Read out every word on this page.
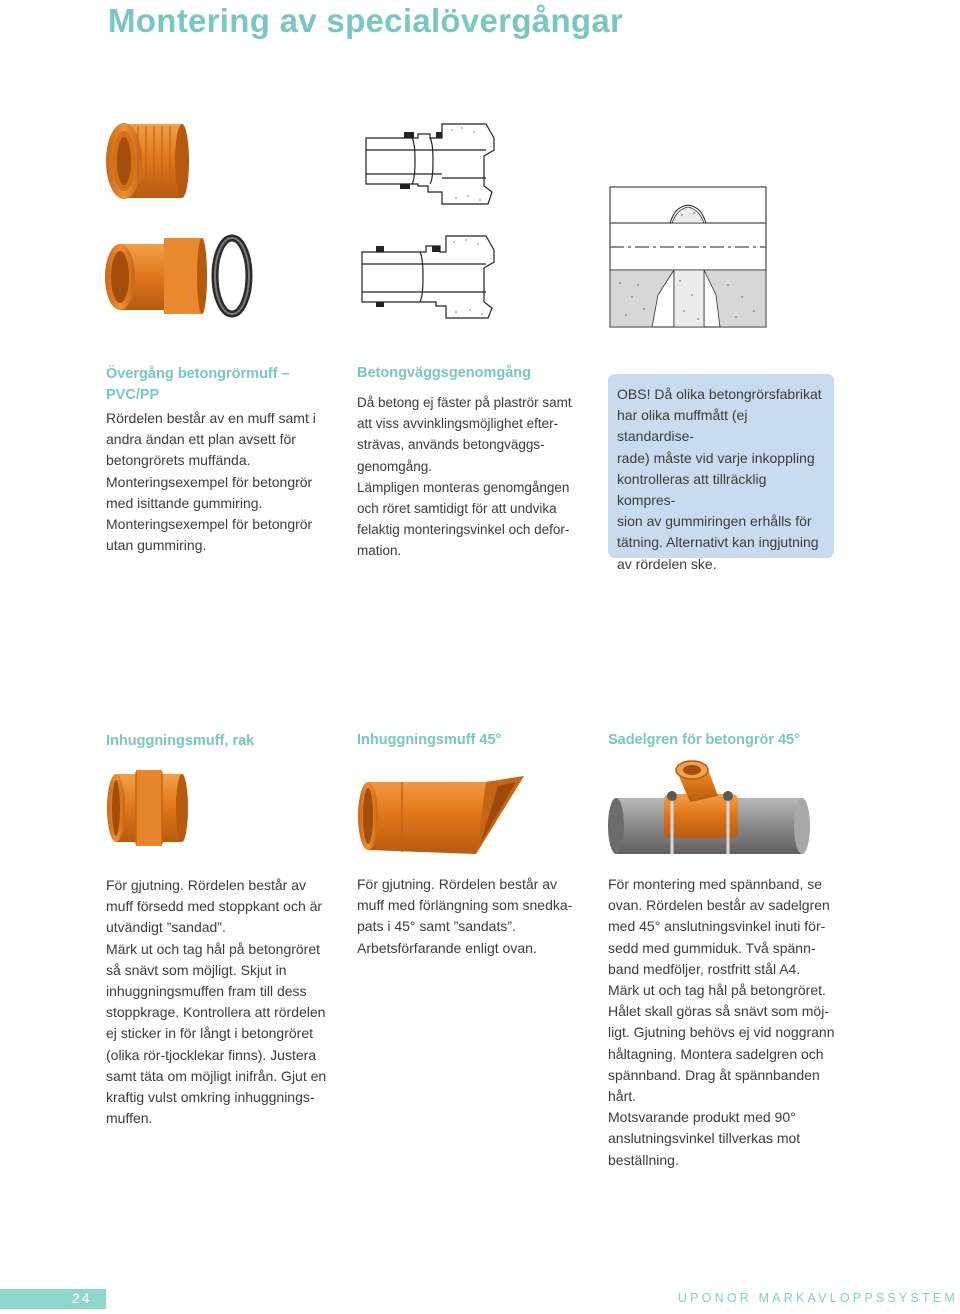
Montering av specialövergångar
Övergång betongrörmuff –
PVC/PP

Rördelen består av en muff samt i

andra ändan ett plan avsett för

betongrörets muffända.

Monteringsexempel för betongrör

med isittande gummiring.

Monteringsexempel för betongrör

utan gummiring.

Betongväggsgenomgång

Då betong ej fäster på plaströr samt

att viss avvinklingsmöjlighet efter-

strävas, används betongväggs-

genomgång.

Lämpligen monteras genomgången

och röret samtidigt för att undvika

felaktig monteringsvinkel och defor-

mation.

OBS! Då olika betongrörsfabrikat

har olika muffmått (ej standardise-

rade) måste vid varje inkoppling

kontrolleras att tillräcklig kompres-

sion av gummiringen erhålls för

tätning. Alternativt kan ingjutning

av rördelen ske.

Inhuggningsmuff, rak	Inhuggningsmuff 45°	Sadelgren för betongrör 45°

För gjutning. Rördelen består av

muff försedd med stoppkant och är

utvändigt ”sandad”.

Märk ut och tag hål på betongröret

så snävt som möjligt. Skjut in

inhuggningsmuffen fram till dess

stoppkrage. Kontrollera att rördelen

ej sticker in för långt i betongröret

(olika rör-tjocklekar finns). Justera

samt täta om möjligt inifrån. Gjut en

kraftig vulst omkring inhuggnings-

muffen.

För gjutning. Rördelen består av

muff med förlängning som snedka-

pats i 45° samt ”sandats”.

Arbetsförfarande enligt ovan.

För montering med spännband, se

ovan. Rördelen består av sadelgren

med 45° anslutningsvinkel inuti för-

sedd med gummiduk. Två spänn-

band medföljer, rostfritt stål A4.

Märk ut och tag hål på betongröret.

Hålet skall göras så snävt som möj-

ligt. Gjutning behövs ej vid noggrann

håltagning. Montera sadelgren och

spännband. Drag åt spännbanden

hårt.

Motsvarande produkt med 90°

anslutningsvinkel tillverkas mot

beställning.

24	UPONOR MARKAVLOPPSSYSTEM
